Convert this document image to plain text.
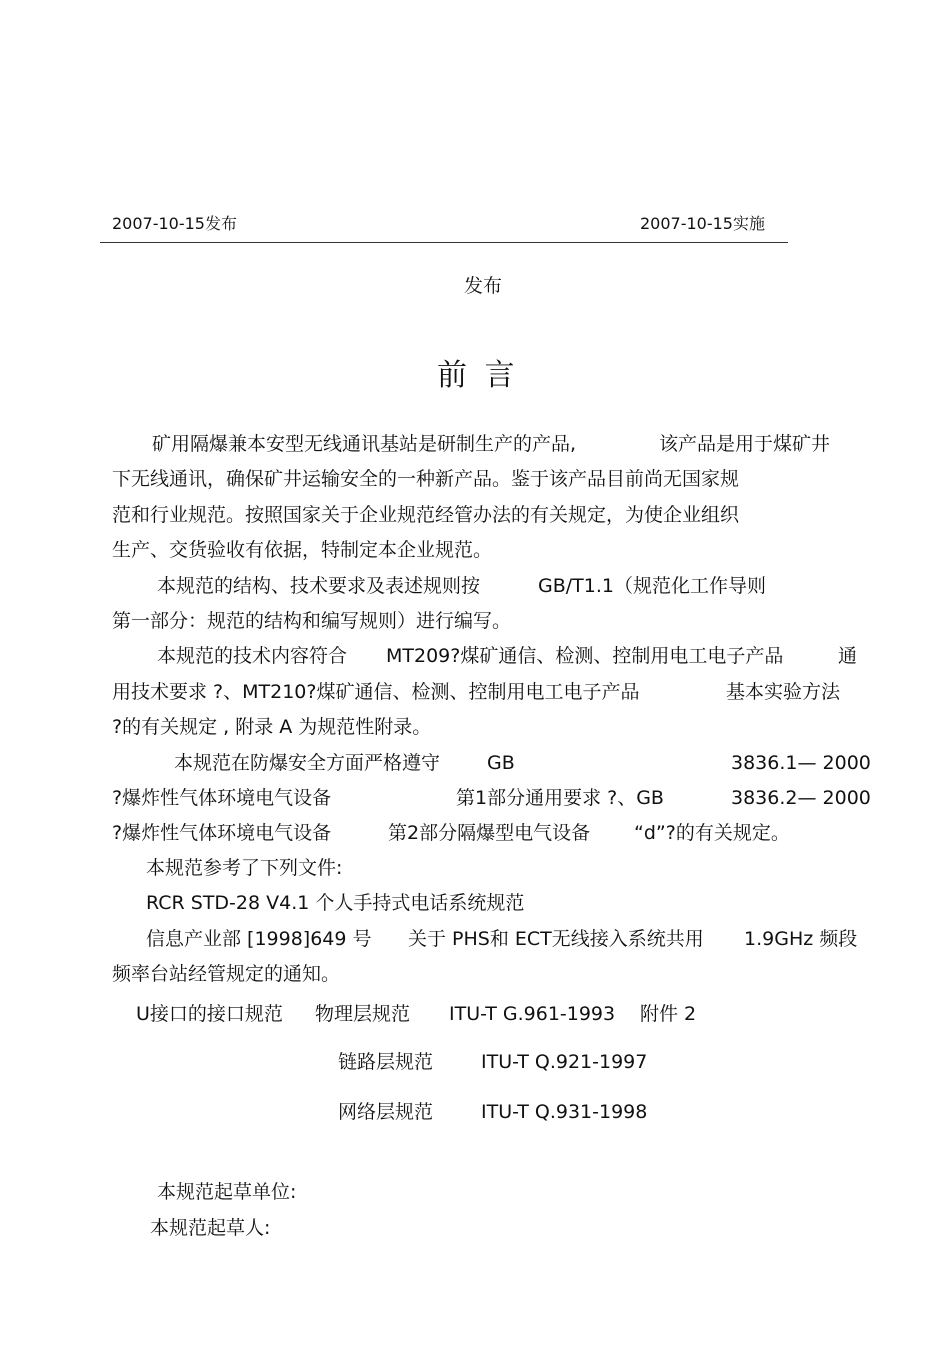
2007-10-15发布	2007-10-15实施
发布
前 言
矿用隔爆兼本安型无线通讯基站是研制生产的产品,	该产品是用于煤矿井
下无线通讯，确保矿井运输安全的一种新产品。鉴于该产品目前尚无国家规
范和行业规范。按照国家关于企业规范经管办法的有关规定，为使企业组织
生产、交货验收有依据，特制定本企业规范。
本规范的结构、技术要求及表述规则按	GB/T1.1（规范化工作导则
第一部分：规范的结构和编写规则）进行编写。
本规范的技术内容符合 MT209?煤矿通信、检测、控制用电工电子产品	通
用技术要求 ?、MT210?煤矿通信、检测、控制用电工电子产品	基本实验方法
?的有关规定 , 附录 A 为规范性附录。
本规范在防爆安全方面严格遵守 GB	3836.1— 2000
?爆炸性气体环境电气设备	第1部分通用要求 ?、GB	3836.2— 2000
?爆炸性气体环境电气设备	第2部分隔爆型电气设备 “d”?的有关规定。
本规范参考了下列文件:
RCR STD-28 V4.1 个人手持式电话系统规范
信息产业部 [1998]649 号 关于 PHS和 ECT无线接入系统共用 1.9GHz 频段
频率台站经管规定的通知。
U接口的接口规范 物理层规范 ITU-T G.961-1993 附件 2
链路层规范	ITU-T Q.921-1997
网络层规范	ITU-T Q.931-1998
本规范起草单位:
本规范起草人:
